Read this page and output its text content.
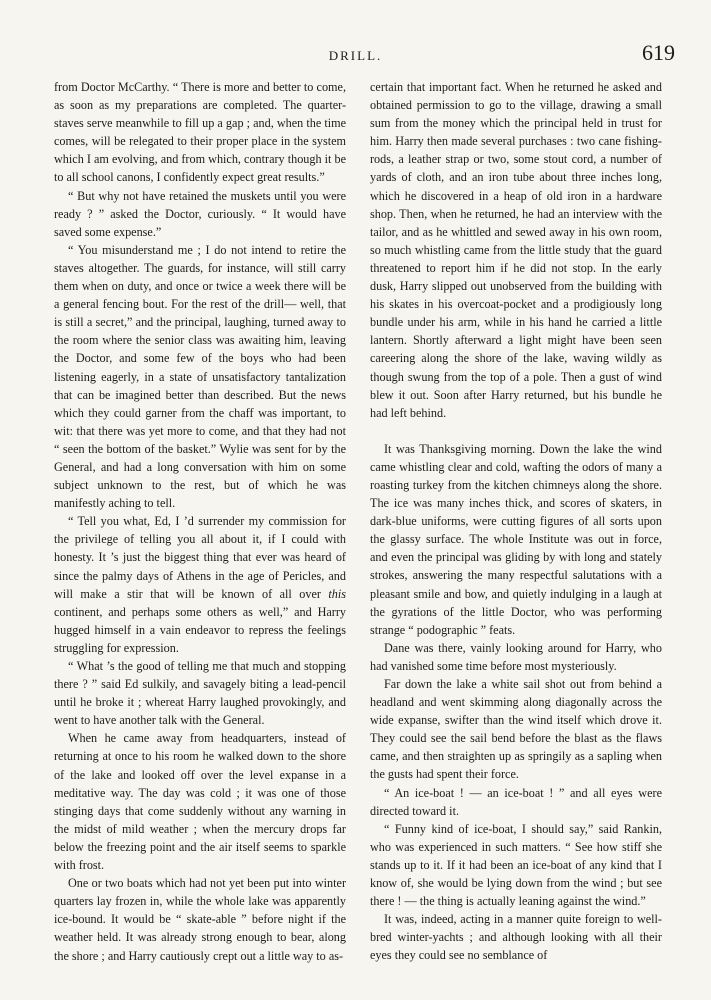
DRILL.	619

from Doctor McCarthy. “ There is more and better to come, as soon as my preparations are completed. The quarter-staves serve meanwhile to fill up a gap ; and, when the time comes, will be relegated to their proper place in the system which I am evolving, and from which, contrary though it be to all school canons, I confidently expect great results.”

“ But why not have retained the muskets until you were ready ? ” asked the Doctor, curiously. “ It would have saved some expense.”

“ You misunderstand me ; I do not intend to retire the staves altogether. The guards, for instance, will still carry them when on duty, and once or twice a week there will be a general fencing bout. For the rest of the drill— well, that is still a secret,” and the principal, laughing, turned away to the room where the senior class was awaiting him, leaving the Doctor, and some few of the boys who had been listening eagerly, in a state of unsatisfactory tantalization that can be imagined better than described. But the news which they could garner from the chaff was important, to wit: that there was yet more to come, and that they had not “ seen the bottom of the basket.” Wylie was sent for by the General, and had a long conversation with him on some subject unknown to the rest, but of which he was manifestly aching to tell.

“ Tell you what, Ed, I ’d surrender my commission for the privilege of telling you all about it, if I could with honesty. It ’s just the biggest thing that ever was heard of since the palmy days of Athens in the age of Pericles, and will make a stir that will be known of all over this continent, and perhaps some others as well,” and Harry hugged himself in a vain endeavor to repress the feelings struggling for expression.

“ What ’s the good of telling me that much and stopping there ? ” said Ed sulkily, and savagely biting a lead-pencil until he broke it ; whereat Harry laughed provokingly, and went to have another talk with the General.

When he came away from headquarters, instead of returning at once to his room he walked down to the shore of the lake and looked off over the level expanse in a meditative way. The day was cold ; it was one of those stinging days that come suddenly without any warning in the midst of mild weather ; when the mercury drops far below the freezing point and the air itself seems to sparkle with frost.

One or two boats which had not yet been put into winter quarters lay frozen in, while the whole lake was apparently ice-bound. It would be “ skate-able ” before night if the weather held. It was already strong enough to bear, along the shore ; and Harry cautiously crept out a little way to as-

certain that important fact. When he returned he asked and obtained permission to go to the village, drawing a small sum from the money which the principal held in trust for him. Harry then made several purchases : two cane fishing-rods, a leather strap or two, some stout cord, a number of yards of cloth, and an iron tube about three inches long, which he discovered in a heap of old iron in a hardware shop. Then, when he returned, he had an interview with the tailor, and as he whittled and sewed away in his own room, so much whistling came from the little study that the guard threatened to report him if he did not stop. In the early dusk, Harry slipped out unobserved from the building with his skates in his overcoat-pocket and a prodigiously long bundle under his arm, while in his hand he carried a little lantern. Shortly afterward a light might have been seen careering along the shore of the lake, waving wildly as though swung from the top of a pole. Then a gust of wind blew it out. Soon after Harry returned, but his bundle he had left behind.

It was Thanksgiving morning. Down the lake the wind came whistling clear and cold, wafting the odors of many a roasting turkey from the kitchen chimneys along the shore. The ice was many inches thick, and scores of skaters, in dark-blue uniforms, were cutting figures of all sorts upon the glassy surface. The whole Institute was out in force, and even the principal was gliding by with long and stately strokes, answering the many respectful salutations with a pleasant smile and bow, and quietly indulging in a laugh at the gyrations of the little Doctor, who was performing strange “ podographic ” feats.

Dane was there, vainly looking around for Harry, who had vanished some time before most mysteriously.

Far down the lake a white sail shot out from behind a headland and went skimming along diagonally across the wide expanse, swifter than the wind itself which drove it. They could see the sail bend before the blast as the flaws came, and then straighten up as springily as a sapling when the gusts had spent their force.

“ An ice-boat ! — an ice-boat ! ” and all eyes were directed toward it.

“ Funny kind of ice-boat, I should say,” said Rankin, who was experienced in such matters. “ See how stiff she stands up to it. If it had been an ice-boat of any kind that I know of, she would be lying down from the wind ; but see there ! — the thing is actually leaning against the wind.”

It was, indeed, acting in a manner quite foreign to well-bred winter-yachts ; and although looking with all their eyes they could see no semblance of
